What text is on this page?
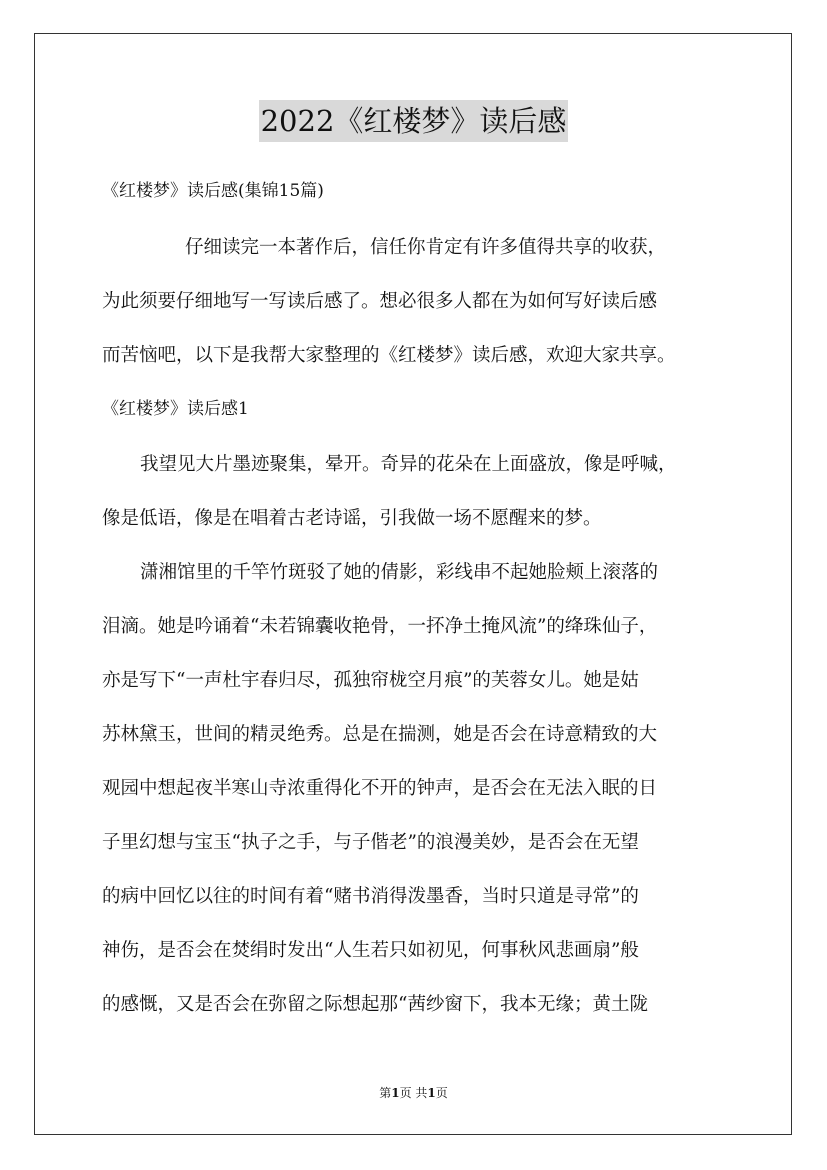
2022《红楼梦》读后感
《红楼梦》读后感(集锦15篇)
仔细读完一本著作后，信任你肯定有许多值得共享的收获，
为此须要仔细地写一写读后感了。想必很多人都在为如何写好读后感
而苦恼吧，以下是我帮大家整理的《红楼梦》读后感，欢迎大家共享。
《红楼梦》读后感1
我望见大片墨迹聚集，晕开。奇异的花朵在上面盛放，像是呼喊，
像是低语，像是在唱着古老诗谣，引我做一场不愿醒来的梦。
潇湘馆里的千竿竹斑驳了她的倩影，彩线串不起她脸颊上滚落的
泪滴。她是吟诵着“未若锦囊收艳骨，一抔净土掩风流”的绛珠仙子，
亦是写下“一声杜宇春归尽，孤独帘栊空月痕”的芙蓉女儿。她是姑
苏林黛玉，世间的精灵绝秀。总是在揣测，她是否会在诗意精致的大
观园中想起夜半寒山寺浓重得化不开的钟声，是否会在无法入眠的日
子里幻想与宝玉“执子之手，与子偕老”的浪漫美妙，是否会在无望
的病中回忆以往的时间有着“赌书消得泼墨香，当时只道是寻常”的
神伤，是否会在焚绢时发出“人生若只如初见，何事秋风悲画扇”般
的感慨，又是否会在弥留之际想起那“茜纱窗下，我本无缘；黄土陇
第1页 共1页
